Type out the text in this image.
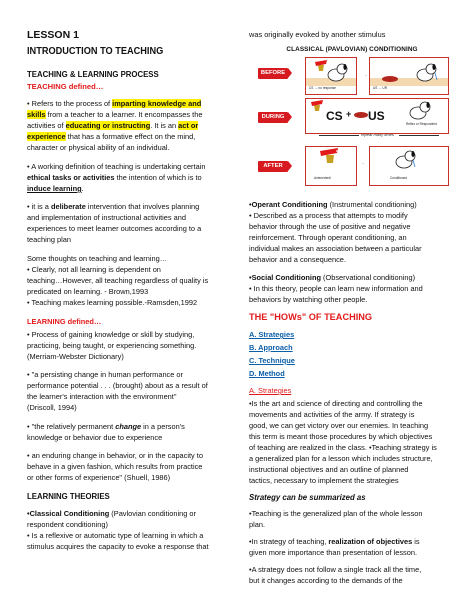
LESSON 1
INTRODUCTION TO TEACHING
TEACHING & LEARNING PROCESS
TEACHING defined…
• Refers to the process of imparting knowledge and
skills from a teacher to a learner. It encompasses the
activities of educating or instructing. It is an act or
experience that has a formative effect on the mind,
character or physical ability of an individual.
• A working definition of teaching is undertaking certain
ethical tasks or activities the intention of which is to
induce learning.
• it is a deliberate intervention that involves planning
and implementation of instructional activities and
experiences to meet learner outcomes according to a
teaching plan
Some thoughts on teaching and learning…
• Clearly, not all learning is dependent on
teaching…However, all teaching regardless of quality is
predicated on learning. - Brown,1993
• Teaching makes learning possible.-Ramsden,1992
LEARNING defined…
• Process of gaining knowledge or skill by studying,
practicing, being taught, or experiencing something.
(Merriam-Webster Dictionary)
• "a persisting change in human performance or
performance potential . . . (brought) about as a result of
the learner's interaction with the environment"
(Driscoll, 1994)
• "the relatively permanent change in a person's
knowledge or behavior due to experience
• an enduring change in behavior, or in the capacity to
behave in a given fashion, which results from practice
or other forms of experience" (Shuell, 1986)
LEARNING THEORIES
•Classical Conditioning (Pavlovian conditioning or
respondent conditioning)
• Is a reflexive or automatic type of learning in which a
stimulus acquires the capacity to evoke a response that
was originally evoked by another stimulus
CLASSICAL (PAVLOVIAN) CONDITIONING
BEFORE
CS → no response
→
US → UR
DURING	CS + US
Reflex or Respondent
repeat many times
AFTER
ding!
Antecedent/
→
Conditioned
•Operant Conditioning (Instrumental conditioning)
• Described as a process that attempts to modify
behavior through the use of positive and negative
reinforcement. Through operant conditioning, an
individual makes an association between a particular
behavior and a consequence.
•Social Conditioning (Observational conditioning)
• In this theory, people can learn new information and
behaviors by watching other people.
THE "HOWs" OF TEACHING
A. Strategies
B. Approach
C. Technique
D. Method
A. Strategies
•Is the art and science of directing and controlling the
movements and activities of the army. If strategy is
good, we can get victory over our enemies. In teaching
this term is meant those procedures by which objectives
of teaching are realized in the class. •Teaching strategy is
a generalized plan for a lesson which includes structure,
instructional objectives and an outline of planned
tactics, necessary to implement the strategies
Strategy can be summarized as
•Teaching is the generalized plan of the whole lesson
plan.
•In strategy of teaching, realization of objectives is
given more importance than presentation of lesson.
•A strategy does not follow a single track all the time,
but it changes according to the demands of the
